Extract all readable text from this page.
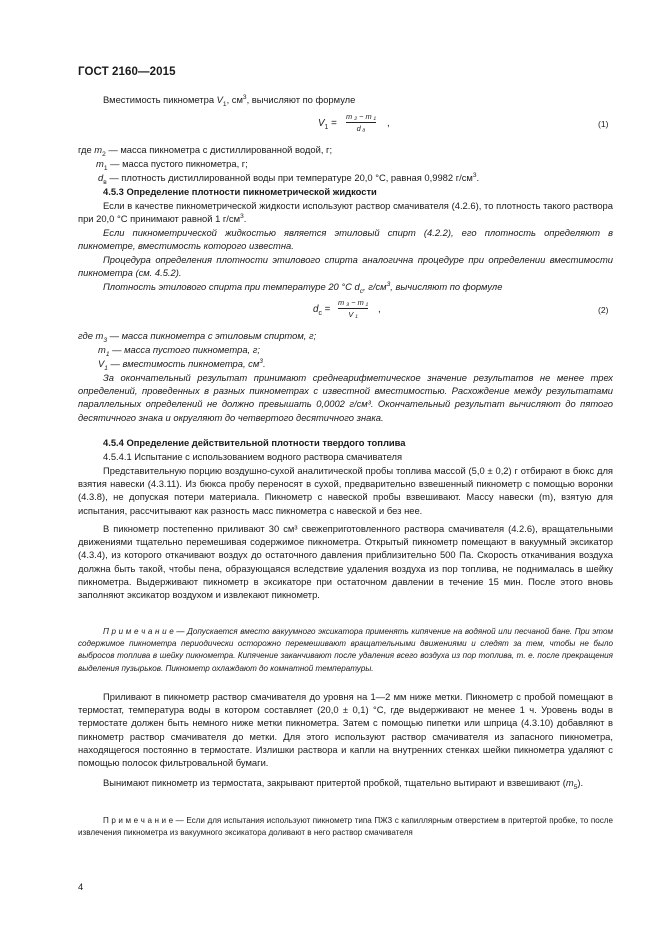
ГОСТ 2160—2015
Вместимость пикнометра $V_1$, $см^3$, вычисляют по формуле
$V_1$ =
m ₂ − m ₁
d ₐ ,	(1)
где $m_2$ — масса пикнометра с дистиллированной водой, г;
$m_1$ — масса пустого пикнометра, г;
$d_в$ — плотность дистиллированной воды при температуре 20,0 °С, равная 0,9982 $г/см^3$.
4.5.3 Определение плотности пикнометрической жидкости
Если в качестве пикнометрической жидкости используют раствор смачивателя (4.2.6), то плотность такого раствора при 20,0 °С принимают равной 1 $г/см^3$.
Если пикнометрической жидкостью является этиловый спирт (4.2.2), его плотность определяют в пикнометре, вместимость которого известна.
Процедура определения плотности этилового спирта аналогична процедуре при определении вместимости пикнометра (см. 4.5.2).
Плотность этилового спирта при температуре 20 °С $d_с$, $г/см^3$, вычисляют по формуле
$d_с$ =
m ₃ − m ₁
V ₁ ,	(2)
где $m_3$ — масса пикнометра с этиловым спиртом, г;
$m_1$ — масса пустого пикнометра, г;
$V_1$ — вместимость пикнометра, $см^3$.
За окончательный результат принимают среднеарифметическое значение результатов не менее трех определений, проведенных в разных пикнометрах с известной вместимостью. Расхождение между результатами параллельных определений не должно превышать 0,0002 г/см³. Окончательный результат вычисляют до пятого десятичного знака и округляют до четвертого десятичного знака.
4.5.4 Определение действительной плотности твердого топлива
4.5.4.1 Испытание с использованием водного раствора смачивателя
Представительную порцию воздушно-сухой аналитической пробы топлива массой (5,0 ± 0,2) г отбирают в бюкс для взятия навески (4.3.11). Из бюкса пробу переносят в сухой, предварительно взвешенный пикнометр с помощью воронки (4.3.8), не допуская потери материала. Пикнометр с навеской пробы взвешивают. Массу навески (m), взятую для испытания, рассчитывают как разность масс пикнометра с навеской и без нее.
В пикнометр постепенно приливают 30 см³ свежеприготовленного раствора смачивателя (4.2.6), вращательными движениями тщательно перемешивая содержимое пикнометра. Открытый пикнометр помещают в вакуумный эксикатор (4.3.4), из которого откачивают воздух до остаточного давления приблизительно 500 Па. Скорость откачивания воздуха должна быть такой, чтобы пена, образующаяся вследствие удаления воздуха из пор топлива, не поднималась в шейку пикнометра. Выдерживают пикнометр в эксикаторе при остаточном давлении в течение 15 мин. После этого вновь заполняют эксикатор воздухом и извлекают пикнометр.
П р и м е ч а н и е — Допускается вместо вакуумного эксикатора применять кипячение на водяной или песчаной бане. При этом содержимое пикнометра периодически осторожно перемешивают вращательными движениями и следят за тем, чтобы не было выбросов топлива в шейку пикнометра. Кипячение заканчивают после удаления всего воздуха из пор топлива, т. е. после прекращения выделения пузырьков. Пикнометр охлаждают до комнатной температуры.
Приливают в пикнометр раствор смачивателя до уровня на 1—2 мм ниже метки. Пикнометр с пробой помещают в термостат, температура воды в котором составляет (20,0 ± 0,1) °С, где выдерживают не менее 1 ч. Уровень воды в термостате должен быть немного ниже метки пикнометра. Затем с помощью пипетки или шприца (4.3.10) добавляют в пикнометр раствор смачивателя до метки. Для этого используют раствор смачивателя из запасного пикнометра, находящегося постоянно в термостате. Излишки раствора и капли на внутренних стенках шейки пикнометра удаляют с помощью полосок фильтровальной бумаги.
Вынимают пикнометр из термостата, закрывают притертой пробкой, тщательно вытирают и взвешивают $(m_5)$.
П р и м е ч а н и е — Если для испытания используют пикнометр типа ПЖ3 с капиллярным отверстием в притертой пробке, то после извлечения пикнометра из вакуумного эксикатора доливают в него раствор смачивателя
4
